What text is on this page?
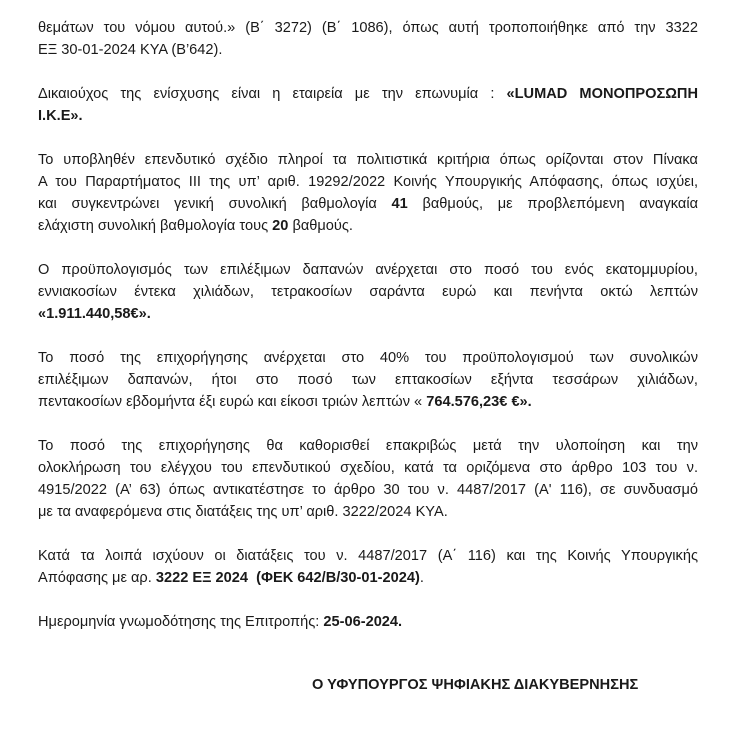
θεμάτων του νόμου αυτού.» (Β΄ 3272) (Β΄ 1086), όπως αυτή τροποποιήθηκε από την 3322
ΕΞ 30-01-2024 ΚΥΑ (Β’642).
Δικαιούχος της ενίσχυσης είναι η εταιρεία με την επωνυμία : «LUMAD ΜΟΝΟΠΡΟΣΩΠΗ
Ι.Κ.Ε».
Το υποβληθέν επενδυτικό σχέδιο πληροί τα πολιτιστικά κριτήρια όπως ορίζονται στον Πίνακα
Α του Παραρτήματος ΙΙΙ της υπ’ αριθ. 19292/2022 Κοινής Υπουργικής Απόφασης, όπως ισχύει,
και συγκεντρώνει γενική συνολική βαθμολογία 41 βαθμούς, με προβλεπόμενη αναγκαία
ελάχιστη συνολική βαθμολογία τους 20 βαθμούς.
Ο προϋπολογισμός των επιλέξιμων δαπανών ανέρχεται στο ποσό του ενός εκατομμυρίου,
εννιακοσίων έντεκα χιλιάδων, τετρακοσίων σαράντα ευρώ και πενήντα οκτώ λεπτών
«1.911.440,58€».
Το ποσό της επιχορήγησης ανέρχεται στο 40% του προϋπολογισμού των συνολικών
επιλέξιμων δαπανών, ήτοι στο ποσό των επτακοσίων εξήντα τεσσάρων χιλιάδων,
πεντακοσίων εβδομήντα έξι ευρώ και είκοσι τριών λεπτών « 764.576,23€ €».
Το ποσό της επιχορήγησης θα καθορισθεί επακριβώς μετά την υλοποίηση και την
ολοκλήρωση του ελέγχου του επενδυτικού σχεδίου, κατά τα οριζόμενα στο άρθρο 103 του ν.
4915/2022 (Α’ 63) όπως αντικατέστησε το άρθρο 30 του ν. 4487/2017 (Α' 116), σε συνδυασμό
με τα αναφερόμενα στις διατάξεις της υπ’ αριθ. 3222/2024 ΚΥΑ.
Κατά τα λοιπά ισχύουν οι διατάξεις του ν. 4487/2017 (Α΄ 116) και της Κοινής Υπουργικής
Απόφασης με αρ. 3222 ΕΞ 2024 (ΦΕΚ 642/Β/30-01-2024).
Ημερομηνία γνωμοδότησης της Επιτροπής: 25-06-2024.
Ο ΥΦΥΠΟΥΡΓΟΣ ΨΗΦΙΑΚΗΣ ΔΙΑΚΥΒΕΡΝΗΣΗΣ
